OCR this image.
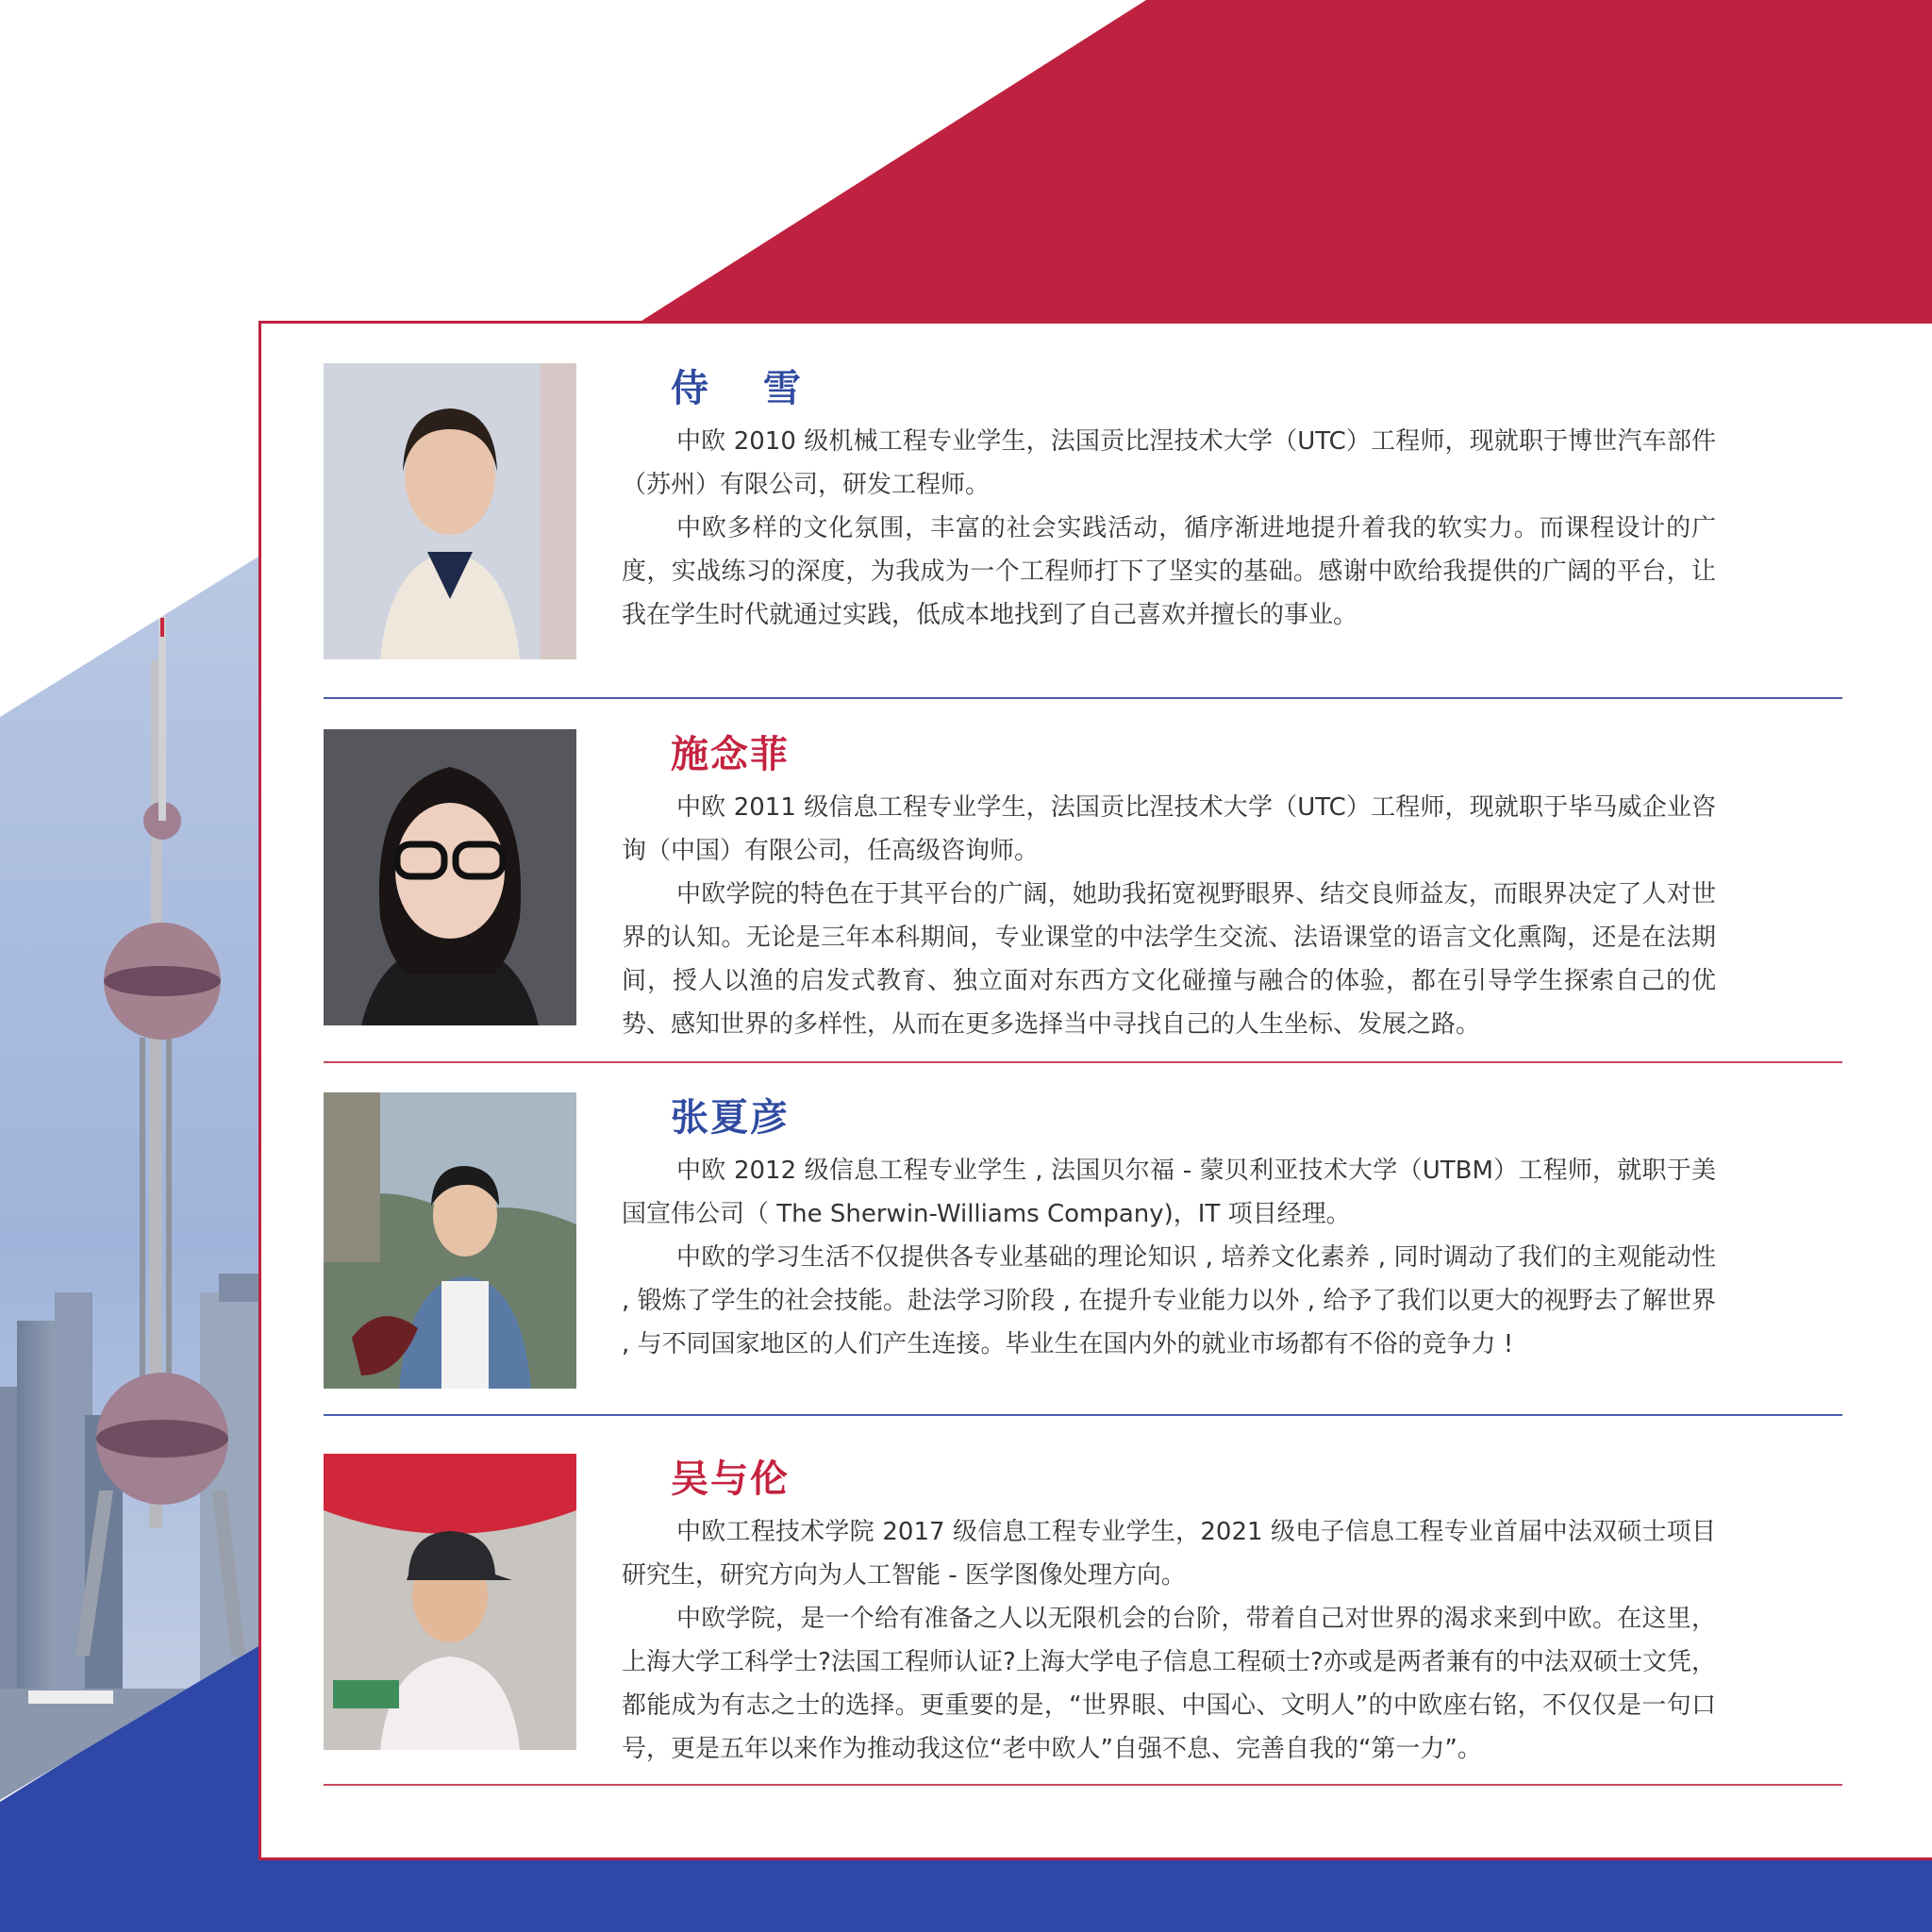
侍 雪

中欧 2010 级机械工程专业学生，法国贡比涅技术大学（UTC）工程师，现就职于博世汽车部件（苏州）有限公司，研发工程师。

中欧多样的文化氛围，丰富的社会实践活动，循序渐进地提升着我的软实力。而课程设计的广度，实战练习的深度，为我成为一个工程师打下了坚实的基础。感谢中欧给我提供的广阔的平台，让我在学生时代就通过实践，低成本地找到了自己喜欢并擅长的事业。

施念菲

中欧 2011 级信息工程专业学生，法国贡比涅技术大学（UTC）工程师，现就职于毕马威企业咨询（中国）有限公司，任高级咨询师。

中欧学院的特色在于其平台的广阔，她助我拓宽视野眼界、结交良师益友，而眼界决定了人对世界的认知。无论是三年本科期间，专业课堂的中法学生交流、法语课堂的语言文化熏陶，还是在法期间，授人以渔的启发式教育、独立面对东西方文化碰撞与融合的体验，都在引导学生探索自己的优势、感知世界的多样性，从而在更多选择当中寻找自己的人生坐标、发展之路。

张夏彦

中欧 2012 级信息工程专业学生 , 法国贝尔福 - 蒙贝利亚技术大学（UTBM）工程师，就职于美国宣伟公司（ The Sherwin-Williams Company)，IT 项目经理。

中欧的学习生活不仅提供各专业基础的理论知识 , 培养文化素养 , 同时调动了我们的主观能动性 , 锻炼了学生的社会技能。赴法学习阶段 , 在提升专业能力以外 , 给予了我们以更大的视野去了解世界 , 与不同国家地区的人们产生连接。毕业生在国内外的就业市场都有不俗的竞争力 !

吴与伦

中欧工程技术学院 2017 级信息工程专业学生，2021 级电子信息工程专业首届中法双硕士项目研究生，研究方向为人工智能 - 医学图像处理方向。

中欧学院，是一个给有准备之人以无限机会的台阶，带着自己对世界的渴求来到中欧。在这里，上海大学工科学士?法国工程师认证?上海大学电子信息工程硕士?亦或是两者兼有的中法双硕士文凭，都能成为有志之士的选择。更重要的是，“世界眼、中国心、文明人”的中欧座右铭，不仅仅是一句口号，更是五年以来作为推动我这位“老中欧人”自强不息、完善自我的“第一力”。
